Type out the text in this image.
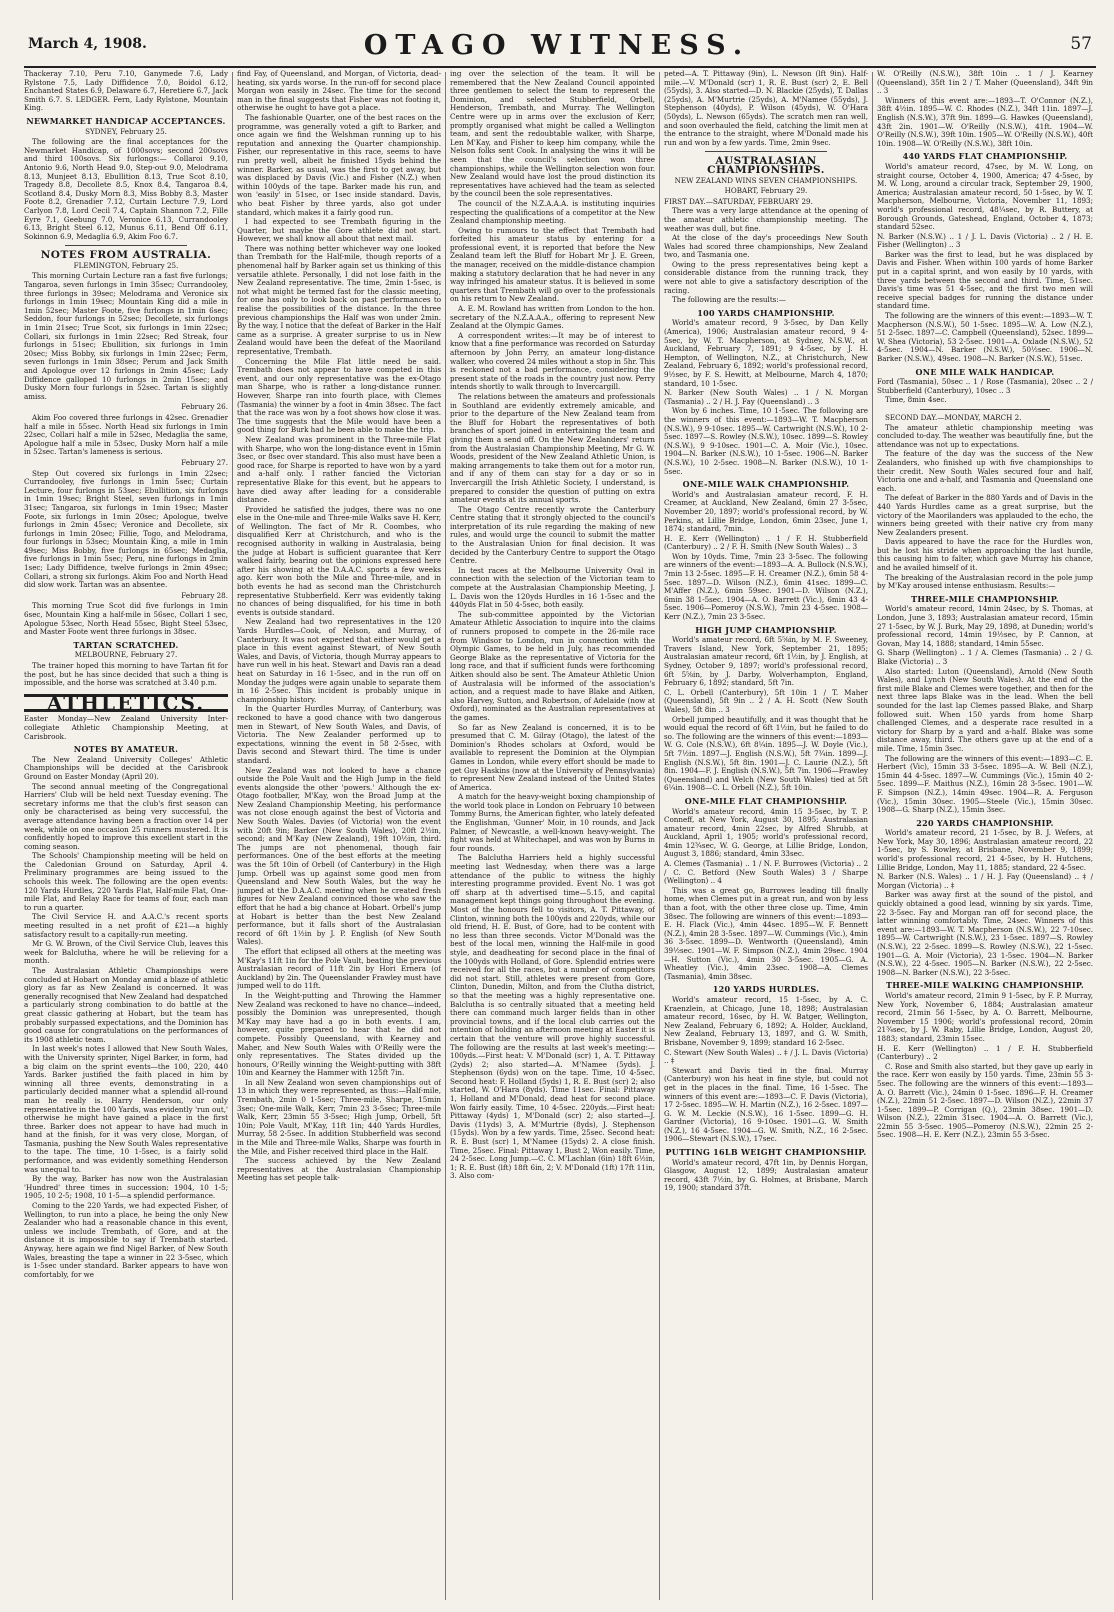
March 4, 1908.	OTAGO WITNESS.	57

Thackeray 7.10, Peru 7.10, Ganymede 7.6, Lady Rylstone 7.5, Lady Diffidence 7.0, Boidol 6.12, Enchanted States 6.9, Delaware 6.7, Heretiere 6.7, Jack Smith 6.7. S. LEDGER. Fern, Lady Rylstone, Mountain King.

NEWMARKET HANDICAP ACCEPTANCES.
SYDNEY, February 25.

The following are the final acceptances for the Newmarket Handicap, of 1000sovs; second 200sovs and third 100sovs. Six furlongs:— Collaroi 9.10, Antonio 9.6, North Head 9.0, Step-out 9.0, Melodrama 8.13, Munjeet 8.13, Ebullition 8.13, True Scot 8.10, Tragedy 8.8, Decollete 8.5, Knox 8.4, Tangaroa 8.4, Scotland 8.4, Dusky Morn 8.3, Miss Bobby 8.3, Master Foote 8.2, Grenadier 7.12, Curtain Lecture 7.9, Lord Carlyon 7.8, Lord Cecil 7.4, Captain Shannon 7.2, Fille Eyre 7.1, Geebung 7.0, Veronice 6.13, Currandooley 6.13, Bright Steel 6.12, Munus 6.11, Bend Off 6.11, Sokinnon 6.9, Medaglia 6.9, Akim Foo 6.7.

NOTES FROM AUSTRALIA.
FLEMINGTON, February 25.

This morning Curtain Lecture ran a fast five furlongs; Tangaroa, seven furlongs in 1min 35sec; Currandooley, three furlongs in 39sec; Melodrama and Veronice six furlongs in 1min 19sec; Mountain King did a mile in 1min 52sec; Master Foote, five furlongs in 1min 6sec; Seddon, four furlongs in 52sec; Decollete, six furlongs in 1min 21sec; True Scot, six furlongs in 1min 22sec; Collari, six furlongs in 1min 22sec; Red Streak, four furlongs in 51sec; Ebullition, six furlongs in 1min 20sec; Miss Bobby, six furlongs in 1min 22sec; Ferm, seven furlongs in 1min 38sec; Perum and Jack Smith and Apologue over 12 furlongs in 2min 45sec; Lady Diffidence galloped 10 furlongs in 2min 15sec; and Dusky Morn four furlongs in 52sec. Tartan is slightly amiss.

February 26.

Akim Foo covered three furlongs in 42sec. Grenadier half a mile in 55sec. North Head six furlongs in 1min 22sec, Collari half a mile in 52sec, Medaglia the same, Apologue half a mile in 53sec, Dusky Morn half a mile in 52sec. Tartan's lameness is serious.

February 27.

Step Out covered six furlongs in 1min 22sec; Currandooley, five furlongs in 1min 5sec; Curtain Lecture, four furlongs in 53sec; Ebullition, six furlongs in 1min 19sec; Bright Steel, seven furlongs in 1min 31sec; Tangaroa, six furlongs in 1min 19sec; Master Foote, six furlongs in 1min 20sec; Apologue, twelve furlongs in 2min 45sec; Veronice and Decollete, six furlongs in 1min 20sec; Fillie, Togo, and Melodrama, four furlongs in 53sec; Mountain King, a mile in 1min 49sec; Miss Bobby, five furlongs in 65sec; Medaglia, five furlongs in 1min 5sec; Peru, nine furlongs in 2min 1sec; Lady Diffidence, twelve furlongs in 2min 49sec; Collari, a strong six furlongs. Akim Foo and North Head did slow work. Tartan was an absentee.

February 28.

This morning True Scot did five furlongs in 1min 6sec, Mountain King a half-mile in 56sec, Collari 1 sec, Apologue 53sec, North Head 55sec, Bight Steel 53sec, and Master Foote went three furlongs in 38sec.

TARTAN SCRATCHED.
MELBOURNE, February 27.

The trainer hoped this morning to have Tartan fit for the post, but he has since decided that such a thing is impossible, and the horse was scratched at 3.40 p.m.

ATHLETICS.

Easter Monday—New Zealand University Inter-collegiate Athletic Championship Meeting, at Carisbrook.

NOTES BY AMATEUR.

The New Zealand University Colleges' Athletic Championships will be decided at the Carisbrook Ground on Easter Monday (April 20).

The second annual meeting of the Congregational Harriers' Club will be held next Tuesday evening. The secretary informs me that the club's first season can only be characterised as being very successful, the average attendance having been a fraction over 14 per week, while on one occasion 25 runners mustered. It is confidently hoped to improve this excellent start in the coming season.

The Schools' Championship meeting will be held on the Caledonian Ground on Saturday, April 4. Preliminary programmes are being issued to the schools this week. The following are the open events: 120 Yards Hurdles, 220 Yards Flat, Half-mile Flat, One-mile Flat, and Relay Race for teams of four, each man to run a quarter.

The Civil Service H. and A.A.C.'s recent sports meeting resulted in a net profit of £21—a highly satisfactory result to a capitally-run meeting.

Mr G. W. Brown, of the Civil Service Club, leaves this week for Balclutha, where he will be relieving for a month.

The Australasian Athletic Championships were concluded at Hobart on Monday amid a blaze of athletic glory as far as New Zealand is concerned. It was generally recognised that New Zealand had despatched a particularly strong combination to do battle at the great classic gathering at Hobart, but the team has probably surpassed expectations, and the Dominion has good cause for congratulations on the performances of its 1908 athletic team.

In last week's notes I allowed that New South Wales, with the University sprinter, Nigel Barker, in form, had a big claim on the sprint events—the 100, 220, 440 Yards. Barker justified the faith placed in him by winning all three events, demonstrating in a particularly decided manner what a splendid all-round man he really is. Harry Henderson, our only representative in the 100 Yards, was evidently 'run out,' otherwise he might have gained a place in the first three. Barker does not appear to have had much in hand at the finish, for it was very close, Morgan, of Tasmania, pushing the New South Wales representative to the tape. The time, 10 1-5sec, is a fairly solid performance, and was evidently something Henderson was unequal to.

By the way, Barker has now won the Australasian 'Hundred' three times in succession: 1904, 10 1-5; 1905, 10 2-5; 1908, 10 1-5—a splendid performance.

Coming to the 220 Yards, we had expected Fisher, of Wellington, to run into a place, he being the only New Zealander who had a reasonable chance in this event, unless we include Trembath, of Gore, and at the distance it is impossible to say if Trembath started. Anyway, here again we find Nigel Barker, of New South Wales, breasting the tape a winner in 22 3-5sec, which is 1-5sec under standard. Barker appears to have won comfortably, for we

find Fay, of Queensland, and Morgan, of Victoria, dead-heating, six yards worse. In the run-off for second place Morgan won easily in 24sec. The time for the second man in the final suggests that Fisher was not footing it, otherwise he ought to have got a place.

The fashionable Quarter, one of the best races on the programme, was generally voted a gift to Barker, and once again we find the Welshman running up to his reputation and annexing the Quarter championship. Fisher, our representative in this race, seems to have run pretty well, albeit he finished 15yds behind the winner. Barker, as usual, was the first to get away, but was displaced by Davis (Vic.) and Fisher (N.Z.) when within 100yds of the tape. Barker made his run, and won 'easily' in 51sec, or 1sec inside standard. Davis, who beat Fisher by three yards, also got under standard, which makes it a fairly good run.

I had expected to see Trembath figuring in the Quarter, but maybe the Gore athlete did not start. However, we shall know all about that next mail.

There was nothing better whichever way one looked than Trembath for the Half-mile, though reports of a phenomenal half by Barker again set us thinking of this versatile athlete. Personally, I did not lose faith in the New Zealand representative. The time, 2min 1-5sec, is not what might be termed fast for the classic meeting, for one has only to look back on past performances to realise the possibilities of the distance. In the three previous championships the Half was won under 2min. By the way, I notice that the defeat of Barker in the Half came as a surprise. A greater surprise to us in New Zealand would have been the defeat of the Maoriland representative, Trembath.

Concerning the Mile Flat little need be said. Trembath does not appear to have competed in this event, and our only representative was the ex-Otago man Sharpe, who is rather a long-distance runner. However, Sharpe ran into fourth place, with Clemes (Tasmania) the winner by a foot in 4min 38sec. The fact that the race was won by a foot shows how close it was. The time suggests that the Mile would have been a good thing for Burk had he been able to make the trip.

New Zealand was prominent in the Three-mile Flat with Sharpe, who won the long-distance event in 15min 3sec, or 8sec over standard. This also must have been a good race, for Sharpe is reported to have won by a yard and a-half only. I rather fancied the Victorian representative Blake for this event, but he appears to have died away after leading for a considerable distance.

Provided he satisfied the judges, there was no one else in the One-mile and Three-mile Walks save H. Kerr, of Wellington. The fact of Mr R. Coombes, who disqualified Kerr at Christchurch, and who is the recognised authority in walking in Australasia, being the judge at Hobart is sufficient guarantee that Kerr walked fairly, bearing out the opinions expressed here after his showing at the D.A.A.C. sports a few weeks ago. Kerr won both the Mile and Three-mile, and in both events he had as second man the Christchurch representative Stubberfield. Kerr was evidently taking no chances of being disqualified, for his time in both events is outside standard.

New Zealand had two representatives in the 120 Yards Hurdles—Cook, of Nelson, and Murray, of Canterbury. It was not expected that either would get a place in this event against Stewart, of New South Wales, and Davis, of Victoria, though Murray appears to have run well in his heat. Stewart and Davis ran a dead heat on Saturday in 16 1-5sec, and in the run off on Monday the judges were again unable to separate them in 16 2-5sec. This incident is probably unique in championship history.

In the Quarter Hurdles Murray, of Canterbury, was reckoned to have a good chance with two dangerous men in Stewart, of New South Wales, and Davis, of Victoria. The New Zealander performed up to expectations, winning the event in 58 2-5sec, with Davis second and Stewart third. The time is under standard.

New Zealand was not looked to have a chance outside the Pole Vault and the High Jump in the field events alongside the other 'powers.' Although the ex-Otago footballer, M'Kay, won the Broad Jump at the New Zealand Championship Meeting, his performance was not close enough against the best of Victoria and New South Wales. Davies (of Victoria) won the event with 20ft 9in; Barker (New South Wales), 20ft 2½in, second; and M'Kay (New Zealand), 19ft 10½in, third. The jumps are not phenomenal, though fair performances. One of the best efforts at the meeting was the 5ft 10in of Orbell (of Canterbury) in the High Jump. Orbell was up against some good men from Queensland and New South Wales, but the way he jumped at the D.A.A.C. meeting when he created fresh figures for New Zealand convinced those who saw the effort that he had a big chance at Hobart. Orbell's jump at Hobart is better than the best New Zealand performance, but it falls short of the Australasian record of 6ft 1½in by J. P. English (of New South Wales).

The effort that eclipsed all others at the meeting was M'Kay's 11ft 1in for the Pole Vault, beating the previous Australasian record of 11ft 2in by Hori Ernera (of Auckland) by 2in. The Queenslander Frawley must have jumped well to do 11ft.

In the Weight-putting and Throwing the Hammer New Zealand was reckoned to have no chance—indeed, possibly the Dominion was unrepresented, though M'Kay may have had a go in both events. I am, however, quite prepared to hear that he did not compete. Possibly Queensland, with Kearney and Maher, and New South Wales with O'Reilly were the only representatives. The States divided up the honours, O'Reilly winning the Weight-putting with 38ft 10in and Kearney the Hammer with 125ft 7in.

In all New Zealand won seven championships out of 13 in which they were represented, as thus:—Half-mile, Trembath, 2min 0 1-5sec; Three-mile, Sharpe, 15min 3sec; One-mile Walk, Kerr, 7min 23 3-5sec; Three-mile Walk, Kerr, 23min 55 3-5sec; High Jump, Orbell, 5ft 10in; Pole Vault, M'Kay, 11ft 1in; 440 Yards Hurdles, Murray, 58 2-5sec. In addition Stubberfield was second in the Mile and Three-mile Walks, Sharpe was fourth in the Mile, and Fisher received third place in the Half.

The success achieved by the New Zealand representatives at the Australasian Championship Meeting has set people talk-

ing over the selection of the team. It will be remembered that the New Zealand Council appointed three gentlemen to select the team to represent the Dominion, and selected Stubberfield, Orbell, Henderson, Trembath, and Murray. The Wellington Centre were up in arms over the exclusion of Kerr, promptly organised what might be called a Wellington team, and sent the redoubtable walker, with Sharpe, Len M'Kay, and Fisher to keep him company, while the Nelson folks sent Cook. In analysing the wins it will be seen that the council's selection won three championships, while the Wellington selection won four. New Zealand would have lost the proud distinction its representatives have achieved had the team as selected by the council been the sole representatives.

The council of the N.Z.A.A.A. is instituting inquiries respecting the qualifications of a competitor at the New Zealand championship meeting.

Owing to rumours to the effect that Trembath had forfeited his amateur status by entering for a professional event, it is reported that before the New Zealand team left the Bluff for Hobart Mr J. E. Green, the manager, received on the middle-distance champion making a statutory declaration that he had never in any way infringed his amateur status. It is believed in some quarters that Trembath will go over to the professionals on his return to New Zealand.

A. E. M. Rowland has written from London to the hon. secretary of the N.Z.A.A.A., offering to represent New Zealand at the Olympic Games.

A correspondent writes:—It may be of interest to know that a fine performance was recorded on Saturday afternoon by John Perry, an amateur long-distance walker, who covered 24 miles without a stop in 5hr. This is reckoned not a bad performance, considering the present state of the roads in the country just now. Perry intends shortly to walk through to Invercargill.

The relations between the amateurs and professionals in Southland are evidently extremely amicable, and prior to the departure of the New Zealand team from the Bluff for Hobart the representatives of both branches of sport joined in entertaining the team and giving them a send off. On the New Zealanders' return from the Australasian Championship Meeting, Mr G. W. Woods, president of the New Zealand Athletic Union, is making arrangements to take them out for a motor run, and if any of them can stay for a day or so in Invercargill the Irish Athletic Society, I understand, is prepared to consider the question of putting on extra amateur events at its annual sports.

The Otago Centre recently wrote the Canterbury Centre stating that it strongly objected to the council's interpretation of its rule regarding the making of new rules, and would urge the council to submit the matter to the Australasian Union for final decision. It was decided by the Canterbury Centre to support the Otago Centre.

In test races at the Melbourne University Oval in connection with the selection of the Victorian team to compete at the Australasian Championship Meeting, J. L. Davis won the 120yds Hurdles in 16 1-5sec and the 440yds Flat in 50 4-5sec, both easily.

The sub-committee appointed by the Victorian Amateur Athletic Association to inquire into the claims of runners proposed to compete in the 26-mile race from Windsor to London, run in connection with the Olympic Games, to be held in July, has recommended George Blake as the representative of Victoria for the long race, and that if sufficient funds were forthcoming Aitken should also be sent. The Amateur Athletic Union of Australasia will be informed of the association's action, and a request made to have Blake and Aitken, also Harvey, Sutton, and Robertson, of Adelaide (now at Oxford), nominated as the Australian representatives at the games.

So far as New Zealand is concerned, it is to be presumed that C. M. Gilray (Otago), the latest of the Dominion's Rhodes scholars at Oxford, would be available to represent the Dominion at the Olympian Games in London, while every effort should be made to get Guy Haskins (now at the University of Pennsylvania) to represent New Zealand instead of the United States of America.

A match for the heavy-weight boxing championship of the world took place in London on February 10 between Tommy Burns, the American fighter, who lately defeated the Englishman, 'Gunner' Moir, in 10 rounds, and Jack Palmer, of Newcastle, a well-known heavy-weight. The fight was held at Whitechapel, and was won by Burns in four rounds.

The Balclutha Harriers held a highly successful meeting last Wednesday, when there was a large attendance of the public to witness the highly interesting programme provided. Event No. 1 was got off sharp at th advertised time—5.15, and capital management kept things going throughout the evening. Most of the honours fell to visitors, A. T. Pittaway, of Clinton, winning both the 100yds and 220yds, while our old friend, H. E. Bust, of Gore, had to be content with no less than three seconds. Victor M'Donald was the best of the local men, winning the Half-mile in good style, and deadheating for second place in the final of the 100yds with Holland, of Gore. Splendid entries were received for all the races, but a number of competitors did not start. Still, athletes were present from Gore, Clinton, Dunedin, Milton, and from the Clutha district, so that the meeting was a highly representative one. Balclutha is so centrally situated that a meeting held there can command much larger fields than in other provincial towns, and if the local club carries out the intention of holding an afternoon meeting at Easter it is certain that the venture will prove highly successful. The following are the results at last week's meeting:—100yds.—First heat: V. M'Donald (scr) 1, A. T. Pittaway (2yds) 2; also started—A. M'Namee (5yds). J. Stephenson (6yds) won on the tape. Time, 10 4-5sec. Second heat: F. Holland (5yds) 1, R. E. Bust (scr) 2; also started, W. O'Hara (8yds). Time 11sec. Final: Pittaway 1, Holland and M'Donald, dead heat for second place. Won fairly easily. Time, 10 4-5sec. 220yds.—First heat: Pittaway (4yds) 1, M'Donald (scr) 2; also started—J. Davis (11yds) 3, A. M'Murtrie (8yds), J. Stephenson (15yds). Won by a few yards. Time, 25sec. Second heat: R. E. Bust (scr) 1, M'Namee (15yds) 2. A close finish. Time, 25sec. Final: Pittaway 1, Bust 2, Won easily. Time, 24 2-5sec. Long Jump.—C. C. M'Lachlan (6in) 18ft 6½in, 1; R. E. Bust (lft) 18ft 6in, 2; V. M'Donald (1ft) 17ft 11in, 3. Also com-

peted—A. T. Pittaway (9in), L. Newson (lft 9in). Half-mile.—V. M'Donald (scr) 1, R. E. Bust (scr) 2, E. Bell (55yds), 3. Also started—D. N. Blackie (25yds), T. Dallas (25yds), A. M'Murtrie (25yds), A. M'Namee (55yds), J. Stephenson (40yds), P. Wilson (45yds), W. O'Hara (50yds), L. Newson (65yds). The scratch men ran well, and soon overhauled the field, catching the limit men at the entrance to the straight, where M'Donald made his run and won by a few yards. Time, 2min 9sec.

AUSTRALASIAN CHAMPIONSHIPS.
NEW ZEALAND WINS SEVEN CHAMPIONSHIPS.
HOBART, February 29.

FIRST DAY.—SATURDAY, FEBRUARY 29.

There was a very large attendance at the opening of the amateur athletic championship meeting. The weather was dull, but fine.

At the close of the day's proceedings New South Wales had scored three championships, New Zealand two, and Tasmania one.

Owing to the press representatives being kept a considerable distance from the running track, they were not able to give a satisfactory description of the racing.

The following are the results:—

100 YARDS CHAMPIONSHIP.

World's amateur record, 9 3-5sec, by Dan Kelly (America), 1906; Australasian amateur record, 9 4-5sec, by W. T. Macpherson, at Sydney, N.S.W., at Auckland, February 7, 1891; 9 4-5sec, by J. H. Hempton, of Wellington, N.Z., at Christchurch, New Zealand, February 6, 1892; world's professional record, 9½sec, by F. S. Hewitt, at Melbourne, March 4, 1870; standard, 10 1-5sec.

N. Barker (New South Wales) .. 1 / N. Morgan (Tasmania) .. 2 / H. J. Fay (Queensland) .. 3

Won by 6 inches. Time, 10 1-5sec. The following are the winners of this event:—1893—W. T. Macpherson (N.S.W.), 9 9-10sec. 1895—W. Cartwright (N.S.W.), 10 2-5sec. 1897—S. Rowley (N.S.W.), 10sec. 1899—S. Rowley (N.S.W.), 9 9-10sec. 1901—C. A. Moir (Vic.), 10sec. 1904—N. Barker (N.S.W.), 10 1-5sec. 1906—N. Barker (N.S.W.), 10 2-5sec. 1908—N. Barker (N.S.W.), 10 1-5sec.

ONE-MILE WALK CHAMPIONSHIP.

World's and Australasian amateur record, F. H. Creamer, at Auckland, New Zealand, 6min 27 3-5sec, November 20, 1897; world's professional record, by W. Perkins, at Lillie Bridge, London, 6min 23sec, June 1, 1874; standard, 7min.

H. E. Kerr (Wellington) .. 1 / F. H. Stubberfield (Canterbury) .. 2 / F. H. Smith (New South Wales) .. 3

Won by 10yds. Time, 7min 23 3-5sec. The following are winners of the event:—1893—A. A. Bullock (N.S.W.), 7min 13 2-5sec. 1895—F. H. Creamer (N.Z.), 6min 58 4-5sec. 1897—D. Wilson (N.Z.), 6min 41sec. 1899—C. M'Affer (N.Z.), 6min 59sec. 1901—D. Wilson (N.Z.), 6min 38 1-5sec. 1904—A. O. Barrett (Vic.), 6min 43 4-5sec. 1906—Pomeroy (N.S.W.), 7min 23 4-5sec. 1908—Kerr (N.Z.), 7min 23 3-5sec.

HIGH JUMP CHAMPIONSHIP.

World's amateur record, 6ft 5⅝in, by M. F. Sweeney, Travers Island, New York, September 21, 1895; Australasian amateur record, 6ft 1½in, by J. English, at Sydney, October 9, 1897; world's professional record, 6ft 5⅝in, by J. Darby, Wolverhampton, England, February 6, 1892; standard, 5ft 7in.

C. L. Orbell (Canterbury), 5ft 10in 1 / T. Maher (Queensland), 5ft 9in .. 2 / A. H. Scott (New South Wales), 5ft 8in .. 3

Orbell jumped beautifully, and it was thought that he would equal the record of 6ft 1½in, but he failed to do so. The following are the winners of this event:—1893—W. G. Cole (N.S.W.), 6ft 8¼in. 1895—J. W. Doyle (Vic.), 5ft 7½in. 1897—J. English (N.S.W.), 5ft 7¾in. 1899—J. English (N.S.W.), 5ft 8in. 1901—J. C. Laurie (N.Z.), 5ft 8in. 1904—F. J. English (N.S.W.), 5ft 7in. 1906—Frawley (Queensland) and Welch (New South Wales) tied at 5ft 6¼in. 1908—C. L. Orbell (N.Z.), 5ft 10in.

ONE-MILE FLAT CHAMPIONSHIP.

World's amateur record, 4min 15 3-5sec, by T. P. Conneff, at New York, August 30, 1895; Australasian amateur record, 4min 22sec, by Alfred Shrubb, at Auckland, April 1, 1905; world's professional record, 4min 12¾sec, W. G. George, at Lillie Bridge, London, August 3, 1886; standard, 4min 33sec.

A. Clemes (Tasmania) .. 1 / N. F. Burrowes (Victoria) .. 2 / C. C. Betford (New South Wales) 3 / Sharpe (Wellington) .. 4

This was a great go, Burrowes leading till finally home, when Clemes put in a great run, and won by less than a foot, with the other three close up. Time, 4min 38sec. The following are winners of this event:—1893—E. H. Flack (Vic.), 4min 44sec. 1895—W. F. Bennett (N.Z.), 4min 28 3-5sec. 1897—W. Cummings (Vic.), 4min 36 3-5sec. 1899—D. Wentworth (Queensland), 4min 39½sec. 1901—W. F. Simpson (N.Z.), 4min 29sec. 1904—H. Sutton (Vic.), 4min 30 3-5sec. 1905—G. A. Wheatley (Vic.), 4min 23sec. 1908—A. Clemes (Tasmania), 4min 38sec.

120 YARDS HURDLES.

World's amateur record, 15 1-5sec, by A. C. Kraenzlein, at Chicago, June 18, 1898; Australasian amateur record, 16sec, by H. W. Batger, Wellington, New Zealand, February 6, 1892; A. Holder, Auckland, New Zealand, February 13, 1897, and G. W. Smith, Brisbane, November 9, 1899; standard 16 2-5sec.

C. Stewart (New South Wales) .. ‡ / J. L. Davis (Victoria) .. ‡

Stewart and Davis tied in the final. Murray (Canterbury) won his heat in fine style, but could not get in the places in the final. Time, 16 1-5sec. The winners of this event are:—1893—C. F. Davis (Victoria), 17 2-5sec. 1895—W. H. Martin (N.Z.), 16 2-5sec. 1897—G. W. M. Leckie (N.S.W.), 16 1-5sec. 1899—G. H. Gardner (Victoria), 16 9-10sec. 1901—G. W. Smith (N.Z.), 16 4-5sec. 1904—G. W. Smith, N.Z., 16 2-5sec. 1906—Stewart (N.S.W.), 17sec.

PUTTING 16LB WEIGHT CHAMPIONSHIP.

World's amateur record, 47ft 1in, by Dennis Horgan, Glasgow, August 12, 1899; Australasian amateur record, 43ft 7½in, by G. Holmes, at Brisbane, March 19, 1900; standard 37ft.

W. O'Reilly (N.S.W.), 38ft 10in .. 1 / J. Kearney (Queensland), 35ft 1in 2 / T. Maher (Queensland), 34ft 9in .. 3

Winners of this event are:—1893—T. O'Connor (N.Z.), 38ft 4½in. 1895—W. C. Rhodes (N.Z.), 34ft 11in. 1897—J. English (N.S.W.), 37ft 9in. 1899—G. Hawkes (Queensland), 43ft 2in. 1901—W. O'Reilly (N.S.W.), 41ft. 1904—W. O'Reilly (N.S.W.), 39ft 10in. 1905—W. O'Reilly (N.S.W.), 40ft 10in. 1908—W. O'Reilly (N.S.W.), 38ft 10in.

440 YARDS FLAT CHAMPIONSHIP.

World's amateur record, 47sec, by M. W. Long, on straight course, October 4, 1900, America; 47 4-5sec, by M. W. Long, around a circular track, September 29, 1900, America; Australasian amateur record, 50 1-5sec, by W. T. Macpherson, Melbourne, Victoria, November 11, 1893; world's professional record, 48¼sec, by R. Buttery, at Borough Grounds, Gateshead, England, October 4, 1873; standard 52sec.

N. Barker (N.S.W.) .. 1 / J. L. Davis (Victoria) .. 2 / H. E. Fisher (Wellington) .. 3

Barker was the first to lead, but he was displaced by Davis and Fisher. When within 100 yards of home Barker put in a capital sprint, and won easily by 10 yards, with three yards between the second and third. Time, 51sec. Davis's time was 51 4-5sec, and the first two men will receive special badges for running the distance under standard time.

The following are the winners of this event:—1893—W. T. Macpherson (N.S.W.), 50 1-5sec. 1895—W. A. Low (N.Z.), 51 2-5sec. 1897—C. Campbell (Queensland), 52sec. 1899—W. Shea (Victoria), 53 2-5sec. 1901—A. Oxlade (N.S.W.), 52 4-5sec. 1904—N. Barker (N.S.W.), 50½sec. 1906—N. Barker (N.S.W.), 49sec. 1908—N. Barker (N.S.W.), 51sec.

ONE MILE WALK HANDICAP.

Ford (Tasmania), 50sec .. 1 / Rose (Tasmania), 20sec .. 2 / Stubberfield (Canterbury), 10sec .. 3

Time, 8min 4sec.

SECOND DAY.—MONDAY, MARCH 2.

The amateur athletic championship meeting was concluded to-day. The weather was beautifully fine, but the attendance was not up to expectations.

The feature of the day was the success of the New Zealanders, who finished up with five championships to their credit. New South Wales secured four and half, Victoria one and a-half, and Tasmania and Queensland one each.

The defeat of Barker in the 880 Yards and of Davis in the 440 Yards Hurdles came as a great surprise, but the victory of the Maorilanders was applauded to the echo, the winners being greeted with their native cry from many New Zealanders present.

Davis appeared to have the race for the Hurdles won, but he lost his stride when approaching the last hurdle, this causing him to falter, which gave Murray his chance, and he availed himself of it.

The breaking of the Australasian record in the pole jump by M'Kay aroused intense enthusiasm. Results:—

THREE-MILE CHAMPIONSHIP.

World's amateur record, 14min 24sec, by S. Thomas, at London, June 3, 1893; Australasian amateur record, 15min 27 1-5sec, by W. J. Burk, May 29, 1898, at Dunedin; world's professional record, 14min 19½sec, by P. Cannon, at Govan, May 14, 1888; standard, 14min 55sec.

G. Sharp (Wellington) .. 1 / A. Clemes (Tasmania) .. 2 / G. Blake (Victoria) .. 3

Also started: Luton (Queensland), Arnold (New South Wales), and Lynch (New South Wales). At the end of the first mile Blake and Clemes were together, and then for the next three laps Blake was in the lead. When the bell sounded for the last lap Clemes passed Blake, and Sharp followed suit. When 150 yards from home Sharp challenged Clemes, and a desperate race resulted in a victory for Sharp by a yard and a-half. Blake was some distance away, third. The others gave up at the end of a mile. Time, 15min 3sec.

The following are the winners of this event:—1893—C. E. Herbert (Vic), 15min 33 3-5sec. 1895—A. W. Bell (N.Z.), 15min 44 4-5sec. 1897—W. Cummings (Vic.), 15min 40 2-5sec. 1899—F. Maithus (N.Z.), 16min 28 3-5sec. 1901—W. F. Simpson (N.Z.), 14min 49sec. 1904—R. A. Ferguson (Vic.), 15min 30sec. 1905—Steele (Vic.), 15min 30sec. 1908—G. Sharp (N.Z.), 15min 3sec.

220 YARDS CHAMPIONSHIP.

World's amateur record, 21 1-5sec, by B. J. Wefers, at New York, May 30, 1896; Australasian amateur record, 22 1-5sec, by S. Rowley, at Brisbane, November 9, 1899; world's professional record, 21 4-5sec, by H. Hutchens, Lillie Bridge, London, May 11, 1885; standard, 22 4-5sec.

N. Barker (N.S. Wales) .. 1 / H. J. Fay (Queensland) .. ‡ / Morgan (Victoria) .. ‡

Barker was away first at the sound of the pistol, and quickly obtained a good lead, winning by six yards. Time, 22 3-5sec. Fay and Morgan ran off for second place, the latter winning comfortably. Time, 24sec. Winners of this event are:—1893—W. T. Macpherson (N.S.W.), 22 7-10sec. 1895—W. Cartwright (N.S.W.), 23 1-5sec. 1897—S. Rowley (N.S.W.), 22 2-5sec. 1899—S. Rowley (N.S.W.), 22 1-5sec. 1901—G. A. Moir (Victoria), 23 1-5sec. 1904—N. Barker (N.S.W.), 22 4-5sec. 1905—N. Barker (N.S.W.), 22 2-5sec. 1908—N. Barker (N.S.W.), 22 3-5sec.

THREE-MILE WALKING CHAMPIONSHIP.

World's amateur record, 21min 9 1-5sec, by F. P. Murray, New York, November 6, 1884; Australasian amateur record, 21min 56 1-5sec, by A. O. Barrett, Melbourne, November 15 1906; world's professional record, 20min 21¾sec, by J. W. Raby, Lillie Bridge, London, August 20, 1883; standard, 23min 15sec.

H. E. Kerr (Wellington) .. 1 / F. H. Stubberfield (Canterbury) .. 2

C. Rose and Smith also started, but they gave up early in the race. Kerr won easily by 150 yards. Time, 23min 55 3-5sec. The following are the winners of this event:—1893—A. O. Barrett (Vic.), 24min 0 1-5sec. 1896—F. H. Creamer (N.Z.), 22min 51 2-5sec. 1897—D. Wilson (N.Z.), 22min 37 1-5sec. 1899—P. Corrigan (Q.), 23min 38sec. 1901—D. Wilson (N.Z.), 22min 31sec. 1904—A. O. Barrett (Vic.), 22min 55 3-5sec. 1905—Pomeroy (N.S.W.), 22min 25 2-5sec. 1908—H. E. Kerr (N.Z.), 23min 55 3-5sec.
